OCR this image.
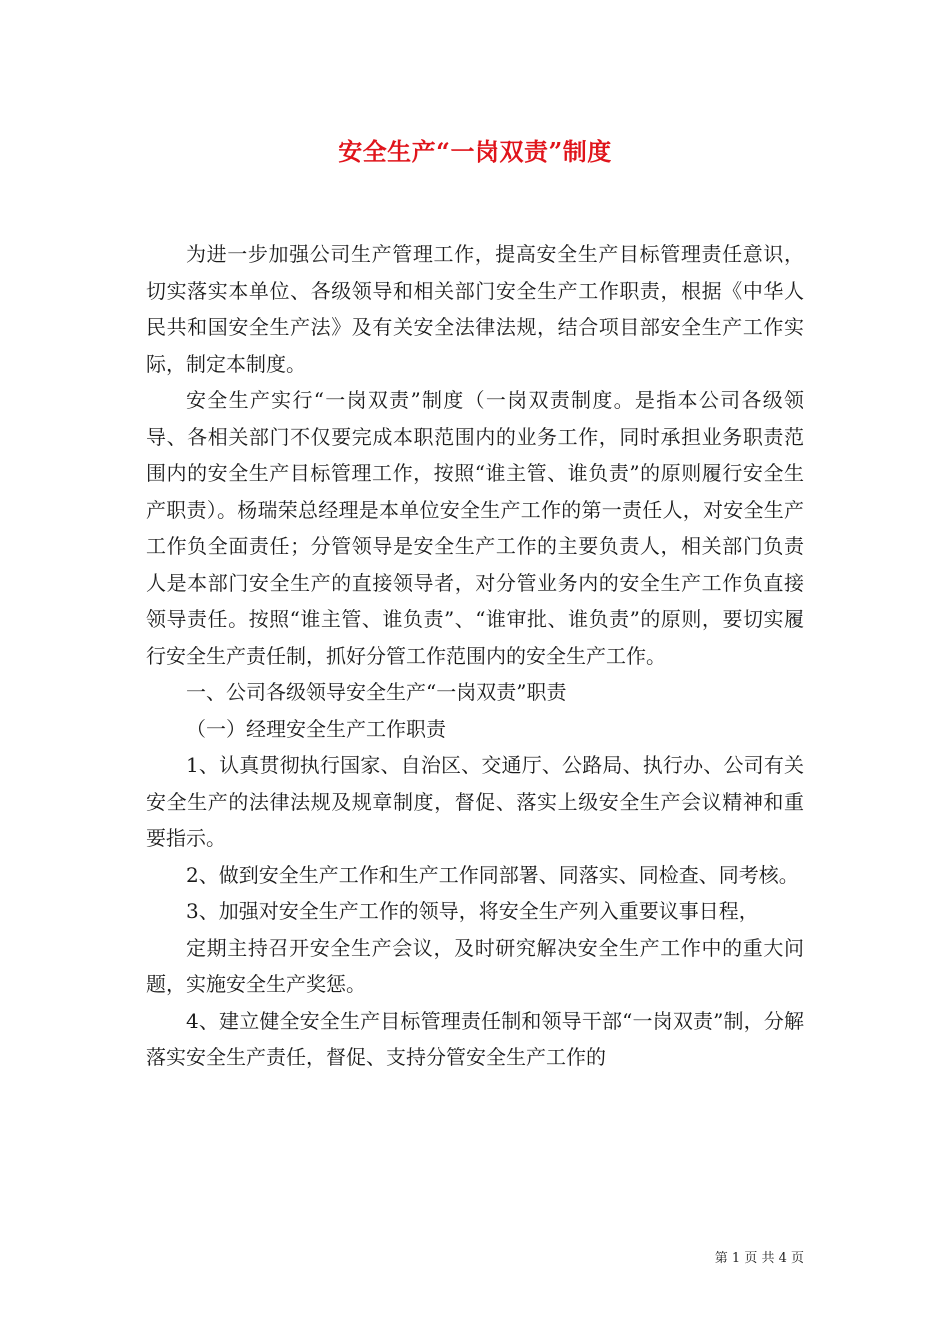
安全生产“一岗双责”制度

为进一步加强公司生产管理工作，提高安全生产目标管理责任意识，切实落实本单位、各级领导和相关部门安全生产工作职责，根据《中华人民共和国安全生产法》及有关安全法律法规，结合项目部安全生产工作实际，制定本制度。

安全生产实行“一岗双责”制度（一岗双责制度。是指本公司各级领导、各相关部门不仅要完成本职范围内的业务工作，同时承担业务职责范围内的安全生产目标管理工作，按照“谁主管、谁负责”的原则履行安全生产职责）。杨瑞荣总经理是本单位安全生产工作的第一责任人，对安全生产工作负全面责任；分管领导是安全生产工作的主要负责人，相关部门负责人是本部门安全生产的直接领导者，对分管业务内的安全生产工作负直接领导责任。按照“谁主管、谁负责”、“谁审批、谁负责”的原则，要切实履行安全生产责任制，抓好分管工作范围内的安全生产工作。

一、公司各级领导安全生产“一岗双责”职责

（一）经理安全生产工作职责

1、认真贯彻执行国家、自治区、交通厅、公路局、执行办、公司有关安全生产的法律法规及规章制度，督促、落实上级安全生产会议精神和重要指示。

2、做到安全生产工作和生产工作同部署、同落实、同检查、同考核。

3、加强对安全生产工作的领导，将安全生产列入重要议事日程，

定期主持召开安全生产会议，及时研究解决安全生产工作中的重大问题，实施安全生产奖惩。

4、建立健全安全生产目标管理责任制和领导干部“一岗双责”制，分解落实安全生产责任，督促、支持分管安全生产工作的

第 1 页 共 4 页
